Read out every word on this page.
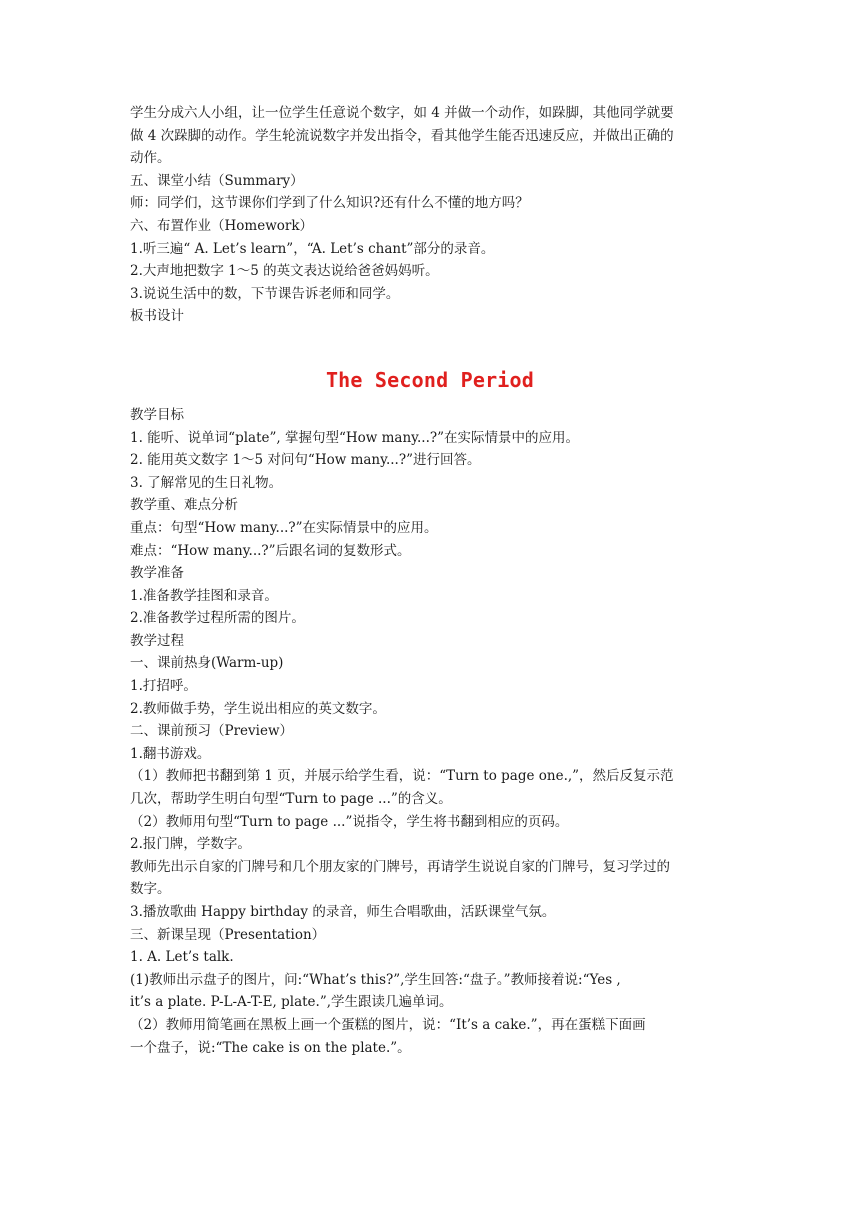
学生分成六人小组，让一位学生任意说个数字，如 4 并做一个动作，如跺脚，其他同学就要

做 4 次跺脚的动作。学生轮流说数字并发出指令，看其他学生能否迅速反应，并做出正确的

动作。

五、课堂小结（Summary）

师：同学们，这节课你们学到了什么知识?还有什么不懂的地方吗？

六、布置作业（Homework）

1.听三遍“ A. Let’s learn”，“A. Let’s chant”部分的录音。

2.大声地把数字 1～5 的英文表达说给爸爸妈妈听。

3.说说生活中的数，下节课告诉老师和同学。

板书设计

The Second Period

教学目标

1. 能听、说单词“plate”, 掌握句型“How many...?”在实际情景中的应用。

2. 能用英文数字 1～5 对问句“How many...?”进行回答。

3. 了解常见的生日礼物。

教学重、难点分析

重点：句型“How many...?”在实际情景中的应用。

难点：“How many...?”后跟名词的复数形式。

教学准备

1.准备教学挂图和录音。

2.准备教学过程所需的图片。

教学过程

一、课前热身(Warm-up)

1.打招呼。

2.教师做手势，学生说出相应的英文数字。

二、课前预习（Preview）

1.翻书游戏。

（1）教师把书翻到第 1 页，并展示给学生看，说：“Turn to page one.,”，然后反复示范

几次，帮助学生明白句型“Turn to page ...”的含义。

（2）教师用句型“Turn to page ...”说指令，学生将书翻到相应的页码。

2.报门牌，学数字。

教师先出示自家的门牌号和几个朋友家的门牌号，再请学生说说自家的门牌号，复习学过的

数字。

3.播放歌曲 Happy birthday 的录音，师生合唱歌曲，活跃课堂气氛。

三、新课呈现（Presentation）

1. A. Let’s talk.

(1)教师出示盘子的图片，问:“What’s this?”,学生回答:“盘子。”教师接着说:“Yes ,

it’s a plate. P-L-A-T-E, plate.”,学生跟读几遍单词。

（2）教师用简笔画在黑板上画一个蛋糕的图片，说：“It’s a cake.”，再在蛋糕下面画

一个盘子，说:“The cake is on the plate.”。
